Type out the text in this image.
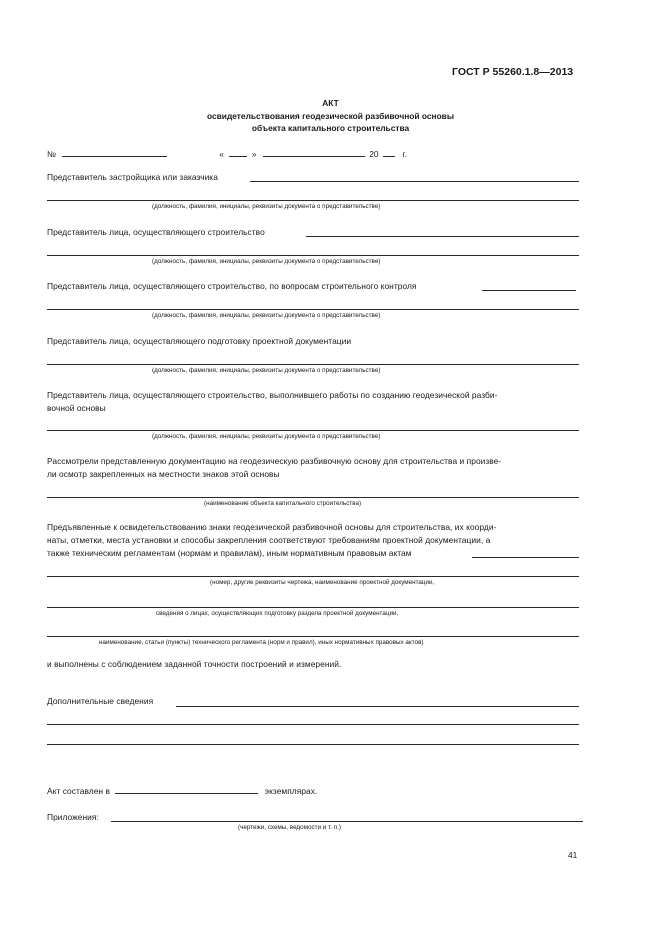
ГОСТ Р 55260.1.8—2013
АКТ
освидетельствования геодезической разбивочной основы
объекта капитального строительства
№	«	»	20	г.
Представитель застройщика или заказчика
(должность, фамилия, инициалы, реквизиты документа о представительстве)
Представитель лица, осуществляющего строительство
(должность, фамилия, инициалы, реквизиты документа о представительстве)
Представитель лица, осуществляющего строительство, по вопросам строительного контроля
(должность, фамилия, инициалы, реквизиты документа о представительстве)
Представитель лица, осуществляющего подготовку проектной документации
(должность, фамилия, инициалы, реквизиты документа о представительстве)
Представитель лица, осуществляющего строительство, выполнившего работы по созданию геодезической разби-
вочной основы
(должность, фамилия, инициалы, реквизиты документа о представительстве)
Рассмотрели представленную документацию на геодезическую разбивочную основу для строительства и произве-
ли осмотр закрепленных на местности знаков этой основы
(наименование объекта капитального строительства)
Предъявленные к освидетельствованию знаки геодезической разбивочной основы для строительства, их коорди-
наты, отметки, места установки и способы закрепления соответствуют требованиям проектной документации, а
также техническим регламентам (нормам и правилам), иным нормативным правовым актам
(номер, другие реквизиты чертежа, наименование проектной документации,
сведения о лицах, осуществляющих подготовку раздела проектной документации,
наименование, статьи (пункты) технического регламента (норм и правил), иных нормативных правовых актов)
и выполнены с соблюдением заданной точности построений и измерений.
Дополнительные сведения
Акт составлен в	экземплярах.
Приложения:
(чертежи, схемы, ведомости и т. п.)
41
